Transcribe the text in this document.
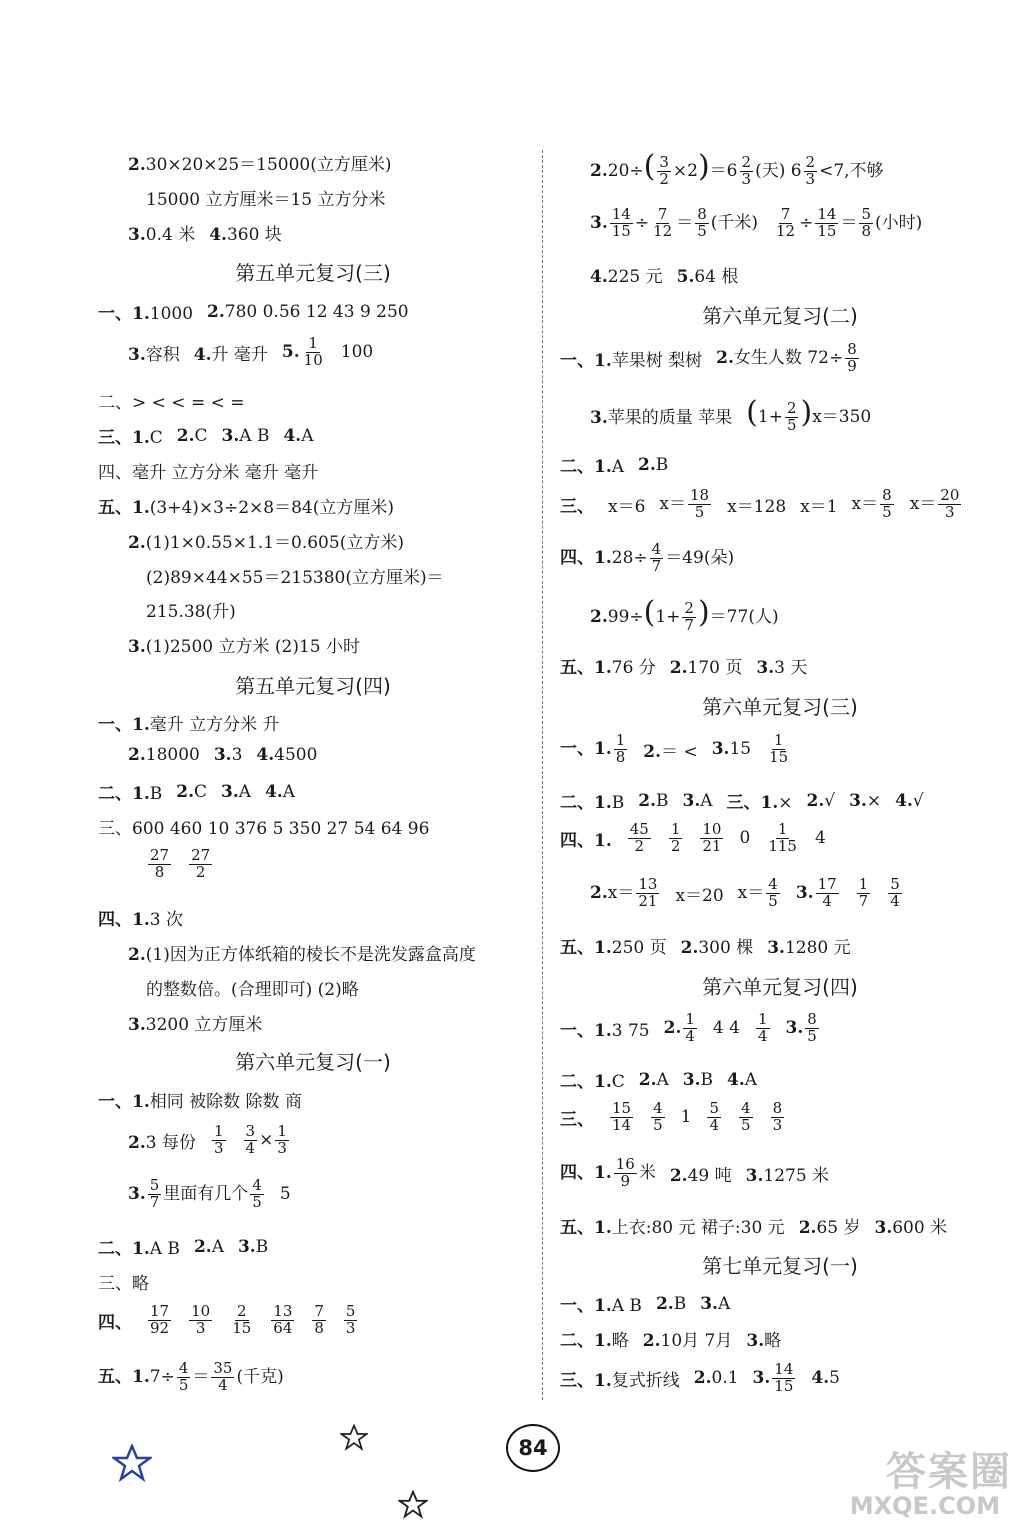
2.30×20×25＝15000(立方厘米)
15000 立方厘米＝15 立方分米
3.0.4 米 4.360 块
第五单元复习(三)
一、1.1000 2.780 0.56 12 43 9 250
3.容积 4.升 毫升 5. $\frac{1}{10} 100$
二、> < < = < =
三、1.C 2.C 3.A B 4.A
四、毫升 立方分米 毫升 毫升
五、1.(3+4)×3÷2×8＝84(立方厘米)
2.(1)1×0.55×1.1＝0.605(立方米)
(2)89×44×55＝215380(立方厘米)＝
215.38(升)
3.(1)2500 立方米 (2)15 小时
第五单元复习(四)
一、1.毫升 立方分米 升
2.18000 3.3 4.4500
二、1.B 2.C 3.A 4.A
三、600 460 10 376 5 350 27 54 64 96
$\frac{27}{8} \frac{27}{2}$
四、1.3 次
2.(1)因为正方体纸箱的棱长不是洗发露盒高度
的整数倍。(合理即可) (2)略
3.3200 立方厘米
第六单元复习(一)
一、1.相同 被除数 除数 商
2.3 每份 $\frac{1}{3} \frac{3}{4} \times \frac{1}{3}$
3. $\frac{5}{7}$ 里面有几个 $\frac{4}{5} 5$
二、1.A B 2.A 3.B
三、略
四、 $\frac{17}{92} \frac{10}{3} \frac{2}{15} \frac{13}{64} \frac{7}{8} \frac{5}{3}$
五、$1.7\div \frac{4}{5} = \frac{35}{4}$ (千克)
$2.20\div( \frac{3}{2} \times 2)=6 \frac{2}{3}$ (天) $6 \frac{2}{3} <7$,不够
3. $\frac{14}{15} \div \frac{7}{12} = \frac{8}{5}$ (千米) $\frac{7}{12} \div \frac{14}{15} = \frac{5}{8}$ (小时)
4.225 元 5.64 根
第六单元复习(二)
一、1.苹果树 梨树 2.女生人数 $72\div \frac{8}{9}$
3.苹果的质量 苹果 $(1+ \frac{2}{5} )x=350$
二、1.A 2.B
三、 x＝6 $x= \frac{18}{5} x=128$ x＝1 $x= \frac{8}{5} x= \frac{20}{3}$
四、$1.28\div \frac{4}{7} =49$(朵)
$2.99\div(1+ \frac{2}{7} )=77$(人)
五、1.76 分 2.170 页 3.3 天
第六单元复习(三)
一、1. $\frac{1}{8} 2.= < 3.15 \frac{1}{15}$
二、1.B 2.B 3.A 三、1.× 2.√ 3.× 4.√
四、1. $\frac{45}{2} \frac{1}{2} \frac{10}{21} 0 \frac{1}{115} 4$
$2.x= \frac{13}{21} x=20$ $x= \frac{4}{5} 3$. $\frac{17}{4} \frac{1}{7} \frac{5}{4}$
五、1.250 页 2.300 棵 3.1280 元
第六单元复习(四)
一、1.3 75 2. $\frac{1}{4} 4$ $4 \frac{1}{4} 3$. $\frac{8}{5}$
二、1.C 2.A 3.B 4.A
三、 $\frac{15}{14} \frac{4}{5} 1 \frac{5}{4} \frac{4}{5} \frac{8}{3}$
四、1. $\frac{16}{9}$ 米 2.49 吨 3.1275 米
五、1.上衣:80 元 裙子:30 元 2.65 岁 3.600 米
第七单元复习(一)
一、1.A B 2.B 3.A
二、1.略 2.10月 7月 3.略
三、1.复式折线 2.0.1 3. $\frac{14}{15} 4.5$
84
答案圈
MXQE.COM
